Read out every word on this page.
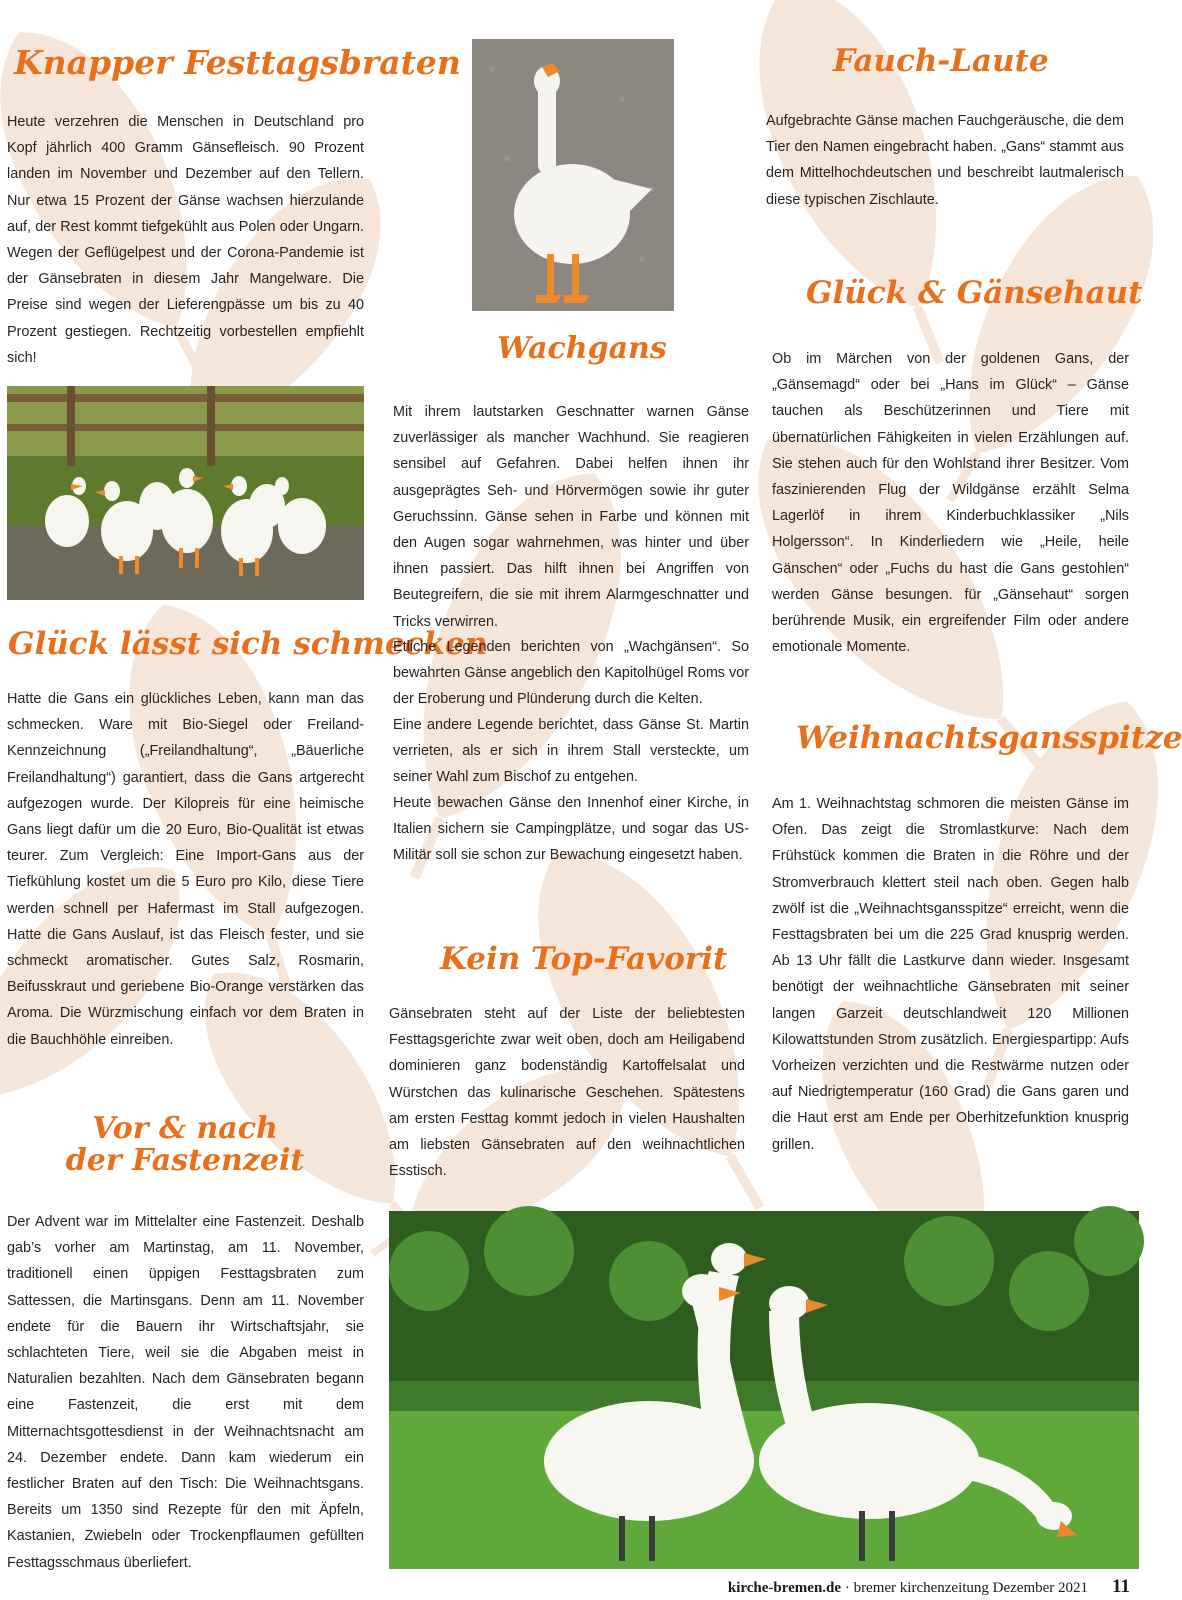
Knapper Festtagsbraten

Heute verzehren die Menschen in Deutschland pro Kopf jährlich 400 Gramm Gänsefleisch. 90 Prozent landen im November und Dezember auf den Tellern. Nur etwa 15 Prozent der Gänse wachsen hierzulande auf, der Rest kommt tiefgekühlt aus Polen oder Ungarn. Wegen der Geflügelpest und der Corona-Pandemie ist der Gänsebraten in diesem Jahr Mangelware. Die Preise sind wegen der Lieferengpässe um bis zu 40 Prozent gestiegen. Rechtzeitig vorbestellen empfiehlt sich!

Glück lässt sich schmecken

Hatte die Gans ein glückliches Leben, kann man das schmecken. Ware mit Bio-Siegel oder Freiland-Kennzeichnung („Freilandhaltung“, „Bäuerliche Freilandhaltung“) garantiert, dass die Gans artgerecht aufgezogen wurde. Der Kilopreis für eine heimische Gans liegt dafür um die 20 Euro, Bio-Qualität ist etwas teurer. Zum Vergleich: Eine Import-Gans aus der Tiefkühlung kostet um die 5 Euro pro Kilo, diese Tiere werden schnell per Hafermast im Stall aufgezogen. Hatte die Gans Auslauf, ist das Fleisch fester, und sie schmeckt aromatischer. Gutes Salz, Rosmarin, Beifusskraut und geriebene Bio-Orange verstärken das Aroma. Die Würzmischung einfach vor dem Braten in die Bauchhöhle einreiben.

Vor & nach
der Fastenzeit

Der Advent war im Mittelalter eine Fastenzeit. Deshalb gab’s vorher am Martinstag, am 11. November, traditionell einen üppigen Festtagsbraten zum Sattessen, die Martinsgans. Denn am 11. November endete für die Bauern ihr Wirtschaftsjahr, sie schlachteten Tiere, weil sie die Abgaben meist in Naturalien bezahlten. Nach dem Gänsebraten begann eine Fastenzeit, die erst mit dem Mitternachtsgottesdienst in der Weihnachtsnacht am 24. Dezember endete. Dann kam wiederum ein festlicher Braten auf den Tisch: Die Weihnachtsgans. Bereits um 1350 sind Rezepte für den mit Äpfeln, Kastanien, Zwiebeln oder Trockenpflaumen gefüllten Festtagsschmaus überliefert.

Wachgans

Mit ihrem lautstarken Geschnatter warnen Gänse zuverlässiger als mancher Wachhund. Sie reagieren sensibel auf Gefahren. Dabei helfen ihnen ihr ausgeprägtes Seh- und Hörvermögen sowie ihr guter Geruchssinn. Gänse sehen in Farbe und können mit den Augen sogar wahrnehmen, was hinter und über ihnen passiert. Das hilft ihnen bei Angriffen von Beutegreifern, die sie mit ihrem Alarmgeschnatter und Tricks verwirren.

Etliche Legenden berichten von „Wachgänsen“. So bewahrten Gänse angeblich den Kapitolhügel Roms vor der Eroberung und Plünderung durch die Kelten.

Eine andere Legende berichtet, dass Gänse St. Martin verrieten, als er sich in ihrem Stall versteckte, um seiner Wahl zum Bischof zu entgehen.

Heute bewachen Gänse den Innenhof einer Kirche, in Italien sichern sie Campingplätze, und sogar das US-Militär soll sie schon zur Bewachung eingesetzt haben.

Kein Top-Favorit

Gänsebraten steht auf der Liste der beliebtesten Festtagsgerichte zwar weit oben, doch am Heiligabend dominieren ganz bodenständig Kartoffelsalat und Würstchen das kulinarische Geschehen. Spätestens am ersten Festtag kommt jedoch in vielen Haushalten am liebsten Gänsebraten auf den weihnachtlichen Esstisch.

Fauch-Laute

Aufgebrachte Gänse machen Fauchgeräusche, die dem Tier den Namen eingebracht haben. „Gans“ stammt aus dem Mittelhochdeutschen und beschreibt lautmalerisch diese typischen Zischlaute.

Glück & Gänsehaut

Ob im Märchen von der goldenen Gans, der „Gänsemagd“ oder bei „Hans im Glück“ – Gänse tauchen als Beschützerinnen und Tiere mit übernatürlichen Fähigkeiten in vielen Erzählungen auf. Sie stehen auch für den Wohlstand ihrer Besitzer. Vom faszinierenden Flug der Wildgänse erzählt Selma Lagerlöf in ihrem Kinderbuchklassiker „Nils Holgersson“. In Kinderliedern wie „Heile, heile Gänschen“ oder „Fuchs du hast die Gans gestohlen“ werden Gänse besungen. für „Gänsehaut“ sorgen berührende Musik, ein ergreifender Film oder andere emotionale Momente.

Weihnachtsgansspitze

Am 1. Weihnachtstag schmoren die meisten Gänse im Ofen. Das zeigt die Stromlastkurve: Nach dem Frühstück kommen die Braten in die Röhre und der Stromverbrauch klettert steil nach oben. Gegen halb zwölf ist die „Weihnachtsgansspitze“ erreicht, wenn die Festtagsbraten bei um die 225 Grad knusprig werden. Ab 13 Uhr fällt die Lastkurve dann wieder. Insgesamt benötigt der weihnachtliche Gänsebraten mit seiner langen Garzeit deutschlandweit 120 Millionen Kilowattstunden Strom zusätzlich. Energiespartipp: Aufs Vorheizen verzichten und die Restwärme nutzen oder auf Niedrigtemperatur (160 Grad) die Gans garen und die Haut erst am Ende per Oberhitzefunktion knusprig grillen.

kirche-bremen.de · bremer kirchenzeitung Dezember 2021 11
